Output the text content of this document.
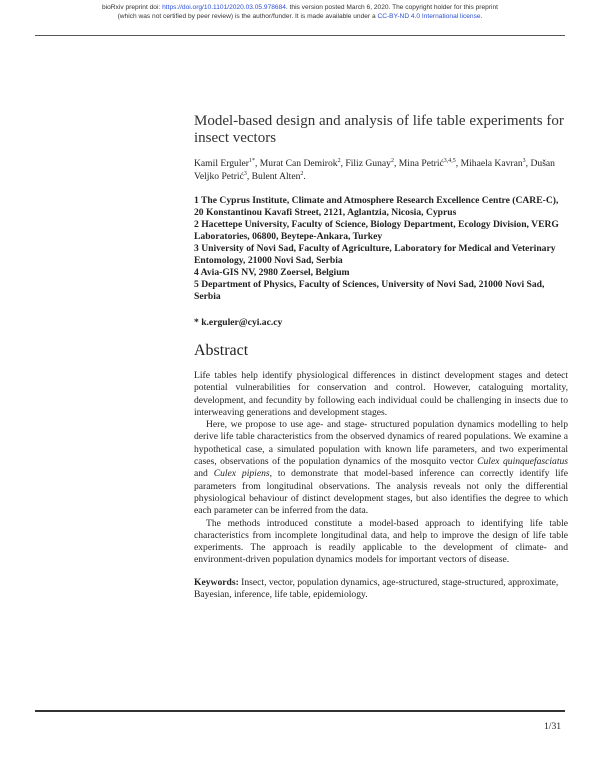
bioRxiv preprint doi: https://doi.org/10.1101/2020.03.05.978684. this version posted March 6, 2020. The copyright holder for this preprint
(which was not certified by peer review) is the author/funder. It is made available under a CC-BY-ND 4.0 International license.
Model-based design and analysis of life table experiments for insect vectors
Kamil Erguler$^{1*}$, Murat Can Demirok$^2$, Filiz Gunay$^2$, Mina Petrić$^{3,4,5}$, Mihaela Kavran$^3$, Dušan Veljko Petrić$^3$, Bulent Alten$^2$.
1 The Cyprus Institute, Climate and Atmosphere Research Excellence Centre (CARE-C), 20 Konstantinou Kavafi Street, 2121, Aglantzia, Nicosia, Cyprus
2 Hacettepe University, Faculty of Science, Biology Department, Ecology Division, VERG Laboratories, 06800, Beytepe-Ankara, Turkey
3 University of Novi Sad, Faculty of Agriculture, Laboratory for Medical and Veterinary Entomology, 21000 Novi Sad, Serbia
4 Avia-GIS NV, 2980 Zoersel, Belgium
5 Department of Physics, Faculty of Sciences, University of Novi Sad, 21000 Novi Sad, Serbia
* k.erguler@cyi.ac.cy
Abstract

Life tables help identify physiological differences in distinct development stages and detect potential vulnerabilities for conservation and control. However, cataloguing mortality, development, and fecundity by following each individual could be challenging in insects due to interweaving generations and development stages.

Here, we propose to use age- and stage- structured population dynamics modelling to help derive life table characteristics from the observed dynamics of reared populations. We examine a hypothetical case, a simulated population with known life parameters, and two experimental cases, observations of the population dynamics of the mosquito vector Culex quinquefasciatus and Culex pipiens, to demonstrate that model-based inference can correctly identify life parameters from longitudinal observations. The analysis reveals not only the differential physiological behaviour of distinct development stages, but also identifies the degree to which each parameter can be inferred from the data.

The methods introduced constitute a model-based approach to identifying life table characteristics from incomplete longitudinal data, and help to improve the design of life table experiments. The approach is readily applicable to the development of climate- and environment-driven population dynamics models for important vectors of disease.

Keywords: Insect, vector, population dynamics, age-structured, stage-structured, approximate, Bayesian, inference, life table, epidemiology.
1/31
